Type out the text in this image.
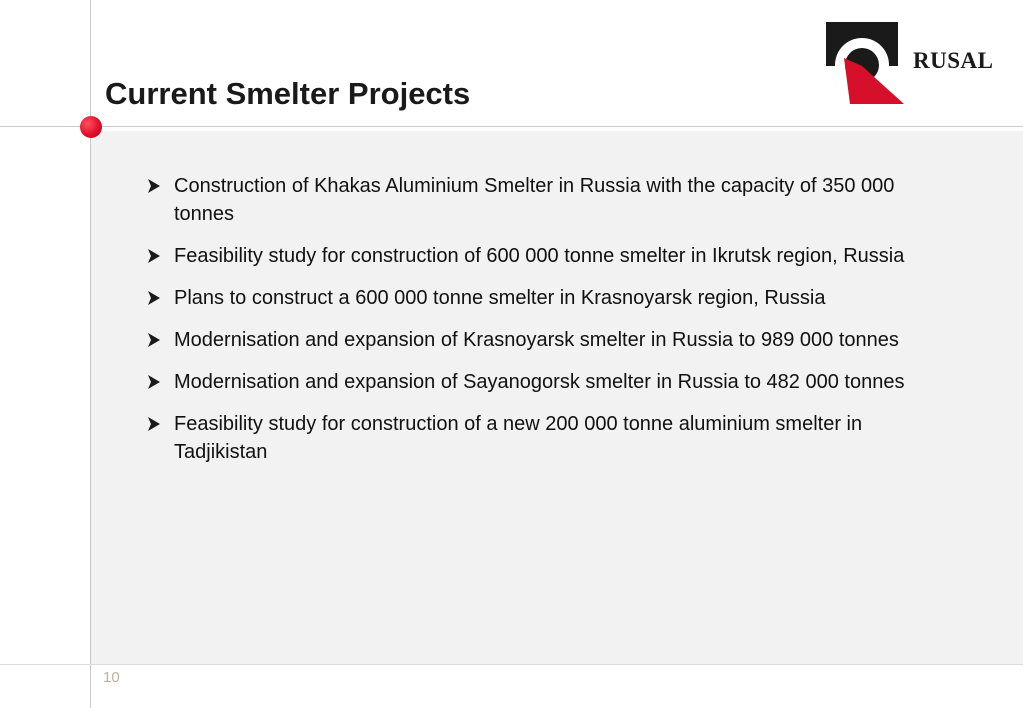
Current Smelter Projects
RUSAL
Construction of Khakas Aluminium Smelter in Russia with the capacity of 350 000 tonnes
Feasibility study for construction of 600 000 tonne smelter in Ikrutsk region, Russia
Plans to construct a 600 000 tonne smelter in Krasnoyarsk region, Russia
Modernisation and expansion of Krasnoyarsk smelter in Russia to 989 000 tonnes
Modernisation and expansion of Sayanogorsk smelter in Russia to 482 000 tonnes
Feasibility study for construction of a new 200 000 tonne aluminium smelter in Tadjikistan
10
